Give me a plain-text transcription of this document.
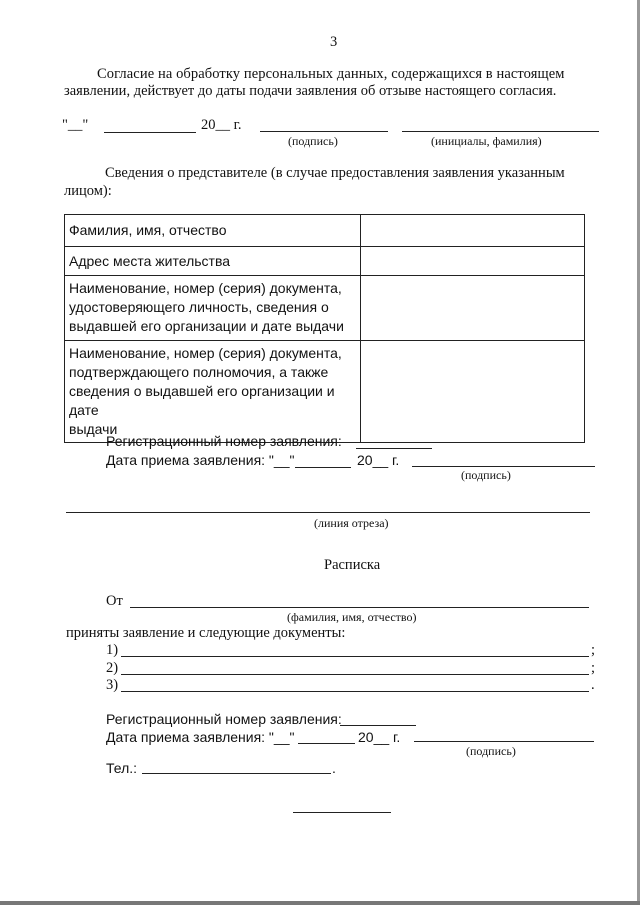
3
Согласие на обработку персональных данных, содержащихся в настоящем
заявлении, действует до даты подачи заявления об отзыве настоящего согласия.
"__"	20__ г.
(подпись)	(инициалы, фамилия)
Сведения о представителе (в случае предоставления заявления указанным
лицом):
Фамилия, имя, отчество	
Адрес места жительства	

Наименование, номер (серия) документа,
удостоверяющего личность, сведения о
выдавшей его организации и дате выдачи	

Наименование, номер (серия) документа,
подтверждающего полномочия, а также
сведения о выдавшей его организации и дате
выдачи	

Регистрационный номер заявления:
Дата приема заявления: "__"	20__ г.
(подпись)
(линия отреза)
Расписка
От
(фамилия, имя, отчество)
приняты заявление и следующие документы:
1)	;
2)	;
3)	.
Регистрационный номер заявления:
Дата приема заявления: "__"	20__ г.
(подпись)
Тел.:	.
